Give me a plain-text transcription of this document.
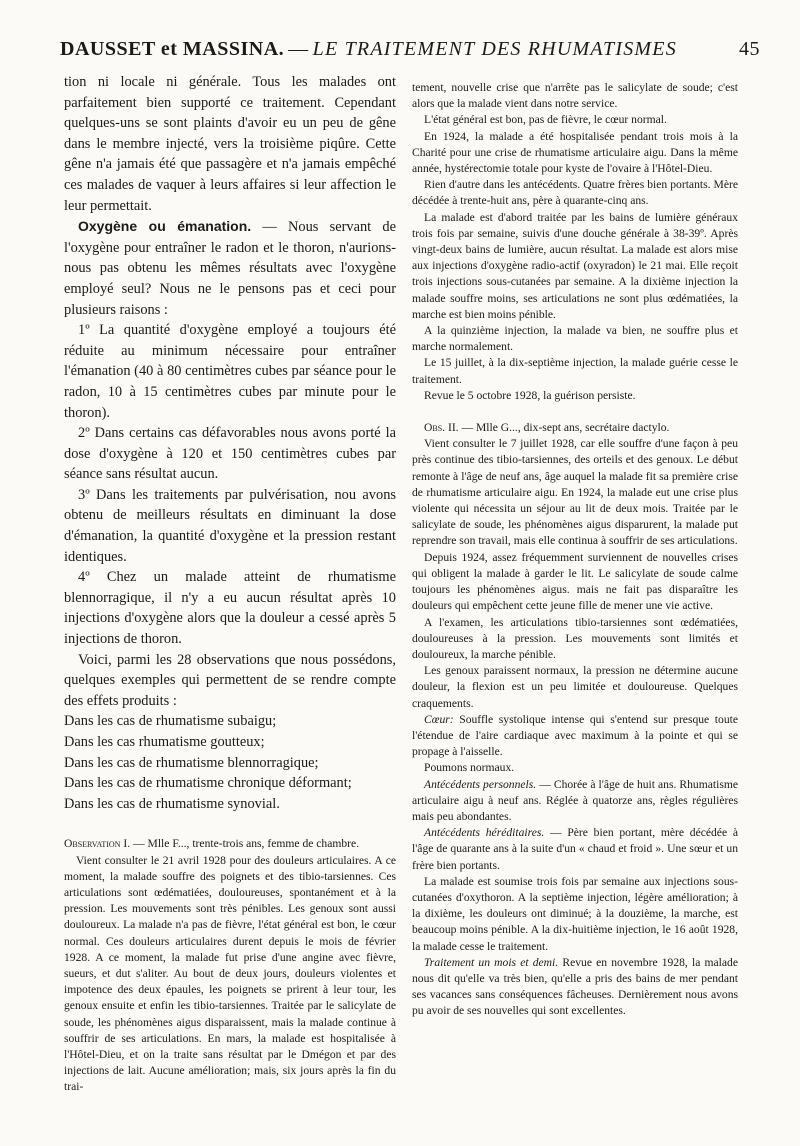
DAUSSET et MASSINA. — LE TRAITEMENT DES RHUMATISMES	45

tion ni locale ni générale. Tous les malades ont parfaitement bien supporté ce traitement. Cependant quelques-uns se sont plaints d'avoir eu un peu de gêne dans le membre injecté, vers la troisième piqûre. Cette gêne n'a jamais été que passagère et n'a jamais empêché ces malades de vaquer à leurs affaires si leur affection le leur permettait.

Oxygène ou émanation. — Nous servant de l'oxygène pour entraîner le radon et le thoron, n'aurions-nous pas obtenu les mêmes résultats avec l'oxygène employé seul? Nous ne le pensons pas et ceci pour plusieurs raisons :

1º La quantité d'oxygène employé a toujours été réduite au minimum nécessaire pour entraîner l'émanation (40 à 80 centimètres cubes par séance pour le radon, 10 à 15 centimètres cubes par minute pour le thoron).

2º Dans certains cas défavorables nous avons porté la dose d'oxygène à 120 et 150 centimètres cubes par séance sans résultat aucun.

3º Dans les traitements par pulvérisation, nou avons obtenu de meilleurs résultats en diminuant la dose d'émanation, la quantité d'oxygène et la pression restant identiques.

4º Chez un malade atteint de rhumatisme blennorragique, il n'y a eu aucun résultat après 10 injections d'oxygène alors que la douleur a cessé après 5 injections de thoron.

Voici, parmi les 28 observations que nous possédons, quelques exemples qui permettent de se rendre compte des effets produits :

Dans les cas de rhumatisme subaigu;

Dans les cas rhumatisme goutteux;

Dans les cas de rhumatisme blennorragique;

Dans les cas de rhumatisme chronique déformant;

Dans les cas de rhumatisme synovial.

Observation I. — Mlle F..., trente-trois ans, femme de chambre.

Vient consulter le 21 avril 1928 pour des douleurs articulaires. A ce moment, la malade souffre des poignets et des tibio-tarsiennes. Ces articulations sont œdématiées, douloureuses, spontanément et à la pression. Les mouvements sont très pénibles. Les genoux sont aussi douloureux. La malade n'a pas de fièvre, l'état général est bon, le cœur normal. Ces douleurs articulaires durent depuis le mois de février 1928. A ce moment, la malade fut prise d'une angine avec fièvre, sueurs, et dut s'aliter. Au bout de deux jours, douleurs violentes et impotence des deux épaules, les poignets se prirent à leur tour, les genoux ensuite et enfin les tibio-tarsiennes. Traitée par le salicylate de soude, les phénomènes aigus disparaissent, mais la malade continue à souffrir de ses articulations. En mars, la malade est hospitalisée à l'Hôtel-Dieu, et on la traite sans résultat par le Dmégon et par des injections de lait. Aucune amélioration; mais, six jours après la fin du trai-

tement, nouvelle crise que n'arrête pas le salicylate de soude; c'est alors que la malade vient dans notre service.

L'état général est bon, pas de fièvre, le cœur normal.

En 1924, la malade a été hospitalisée pendant trois mois à la Charité pour une crise de rhumatisme articulaire aigu. Dans la même année, hystérectomie totale pour kyste de l'ovaire à l'Hôtel-Dieu.

Rien d'autre dans les antécédents. Quatre frères bien portants. Mère décédée à trente-huit ans, père à quarante-cinq ans.

La malade est d'abord traitée par les bains de lumière généraux trois fois par semaine, suivis d'une douche générale à 38-39º. Après vingt-deux bains de lumière, aucun résultat. La malade est alors mise aux injections d'oxygène radio-actif (oxyradon) le 21 mai. Elle reçoit trois injections sous-cutanées par semaine. A la dixième injection la malade souffre moins, ses articulations ne sont plus œdématiées, la marche est bien moins pénible.

A la quinzième injection, la malade va bien, ne souffre plus et marche normalement.

Le 15 juillet, à la dix-septième injection, la malade guérie cesse le traitement.

Revue le 5 octobre 1928, la guérison persiste.

Obs. II. — Mlle G..., dix-sept ans, secrétaire dactylo.

Vient consulter le 7 juillet 1928, car elle souffre d'une façon à peu près continue des tibio-tarsiennes, des orteils et des genoux. Le début remonte à l'âge de neuf ans, âge auquel la malade fit sa première crise de rhumatisme articulaire aigu. En 1924, la malade eut une crise plus violente qui nécessita un séjour au lit de deux mois. Traitée par le salicylate de soude, les phénomènes aigus disparurent, la malade put reprendre son travail, mais elle continua à souffrir de ses articulations.

Depuis 1924, assez fréquemment surviennent de nouvelles crises qui obligent la malade à garder le lit. Le salicylate de soude calme toujours les phénomènes aigus. mais ne fait pas disparaître les douleurs qui empêchent cette jeune fille de mener une vie active.

A l'examen, les articulations tibio-tarsiennes sont œdématiées, douloureuses à la pression. Les mouvements sont limités et douloureux, la marche pénible.

Les genoux paraissent normaux, la pression ne détermine aucune douleur, la flexion est un peu limitée et douloureuse. Quelques craquements.

Cœur: Souffle systolique intense qui s'entend sur presque toute l'étendue de l'aire cardiaque avec maximum à la pointe et qui se propage à l'aisselle.

Poumons normaux.

Antécédents personnels. — Chorée à l'âge de huit ans. Rhumatisme articulaire aigu à neuf ans. Réglée à quatorze ans, règles régulières mais peu abondantes.

Antécédents héréditaires. — Père bien portant, mère décédée à l'âge de quarante ans à la suite d'un « chaud et froid ». Une sœur et un frère bien portants.

La malade est soumise trois fois par semaine aux injections sous-cutanées d'oxythoron. A la septième injection, légère amélioration; à la dixième, les douleurs ont diminué; à la douzième, la marche, est beaucoup moins pénible. A la dix-huitième injection, le 16 août 1928, la malade cesse le traitement.

Traitement un mois et demi. Revue en novembre 1928, la malade nous dit qu'elle va très bien, qu'elle a pris des bains de mer pendant ses vacances sans conséquences fâcheuses. Dernièrement nous avons pu avoir de ses nouvelles qui sont excellentes.
